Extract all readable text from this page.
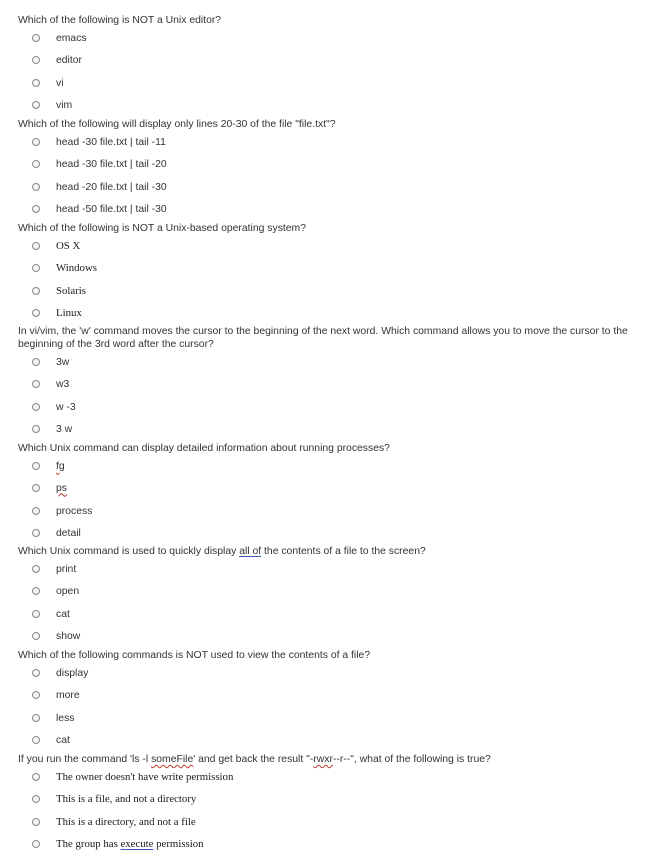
Which of the following is NOT a Unix editor?
emacs
editor
vi
vim
Which of the following will display only lines 20-30 of the file "file.txt"?
head -30 file.txt | tail -11
head -30 file.txt | tail -20
head -20 file.txt | tail -30
head -50 file.txt | tail -30
Which of the following is NOT a Unix-based operating system?
OS X
Windows
Solaris
Linux
In vi/vim, the 'w' command moves the cursor to the beginning of the next word. Which command allows you to move the cursor to the beginning of the 3rd word after the cursor?
3w
w3
w -3
3 w
Which Unix command can display detailed information about running processes?
fg
ps
process
detail
Which Unix command is used to quickly display all of the contents of a file to the screen?
print
open
cat
show
Which of the following commands is NOT used to view the contents of a file?
display
more
less
cat
If you run the command 'ls -l someFile' and get back the result "-rwxr--r--", what of the following is true?
The owner doesn't have write permission
This is a file, and not a directory
This is a directory, and not a file
The group has execute permission
